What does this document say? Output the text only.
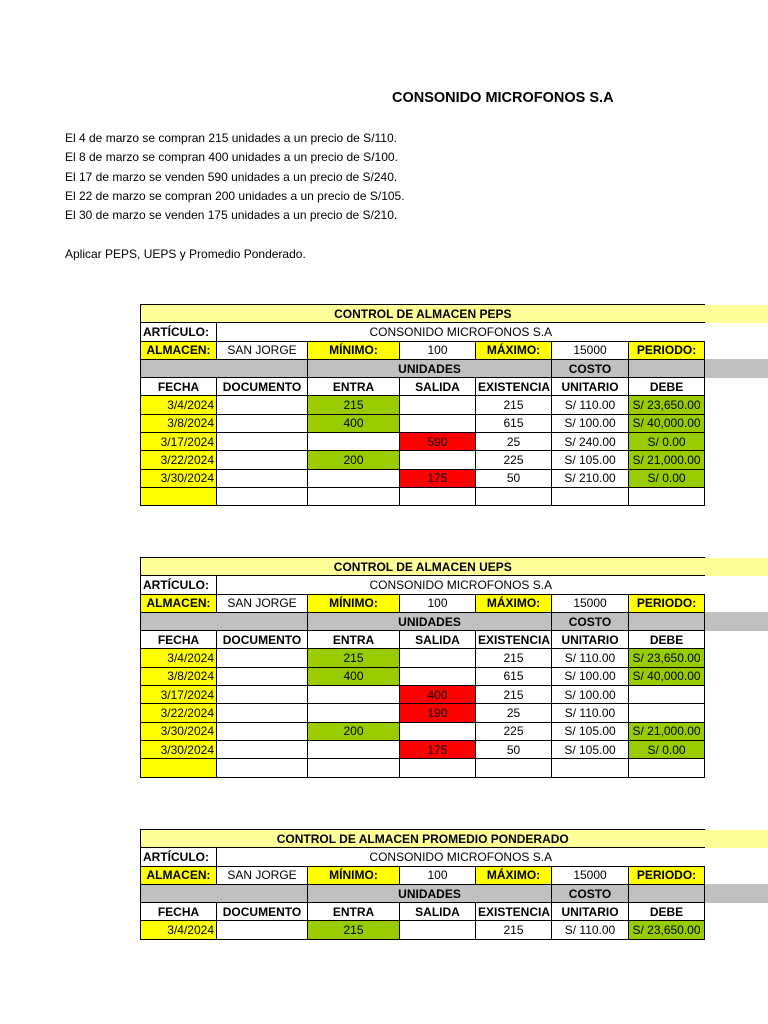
CONSONIDO MICROFONOS S.A
El 4 de marzo se compran 215 unidades a un precio de S/110.
El 8 de marzo se compran 400 unidades a un precio de S/100.
El 17 de marzo se venden 590 unidades a un precio de S/240.
El 22 de marzo se compran 200 unidades a un precio de S/105.
El 30 de marzo se venden 175 unidades a un precio de S/210.
Aplicar PEPS, UEPS y Promedio Ponderado.
CONTROL DE ALMACEN PEPS							
ARTÍCULO:	CONSONIDO MICROFONOS S.A						
ALMACEN:	SAN JORGE	MÍNIMO:	100	MÁXIMO:	15000	PERIODO:	
		UNIDADES			COSTO		
FECHA	DOCUMENTO	ENTRA	SALIDA	EXISTENCIA	UNITARIO	DEBE	
3/4/2024		215		215	S/ 110.00	S/ 23,650.00	
3/8/2024		400		615	S/ 100.00	S/ 40,000.00	
3/17/2024			590	25	S/ 240.00	S/ 0.00	
3/22/2024		200		225	S/ 105.00	S/ 21,000.00	
3/30/2024			175	50	S/ 210.00	S/ 0.00	

CONTROL DE ALMACEN UEPS							
ARTÍCULO:	CONSONIDO MICROFONOS S.A						
ALMACEN:	SAN JORGE	MÍNIMO:	100	MÁXIMO:	15000	PERIODO:	
		UNIDADES			COSTO		
FECHA	DOCUMENTO	ENTRA	SALIDA	EXISTENCIA	UNITARIO	DEBE	
3/4/2024		215		215	S/ 110.00	S/ 23,650.00	
3/8/2024		400		615	S/ 100.00	S/ 40,000.00	
3/17/2024			400	215	S/ 100.00		
3/22/2024			190	25	S/ 110.00		
3/30/2024		200		225	S/ 105.00	S/ 21,000.00	
3/30/2024			175	50	S/ 105.00	S/ 0.00	

CONTROL DE ALMACEN PROMEDIO PONDERADO							
ARTÍCULO:	CONSONIDO MICROFONOS S.A						
ALMACEN:	SAN JORGE	MÍNIMO:	100	MÁXIMO:	15000	PERIODO:	
		UNIDADES			COSTO		
FECHA	DOCUMENTO	ENTRA	SALIDA	EXISTENCIA	UNITARIO	DEBE	
3/4/2024		215		215	S/ 110.00	S/ 23,650.00	
